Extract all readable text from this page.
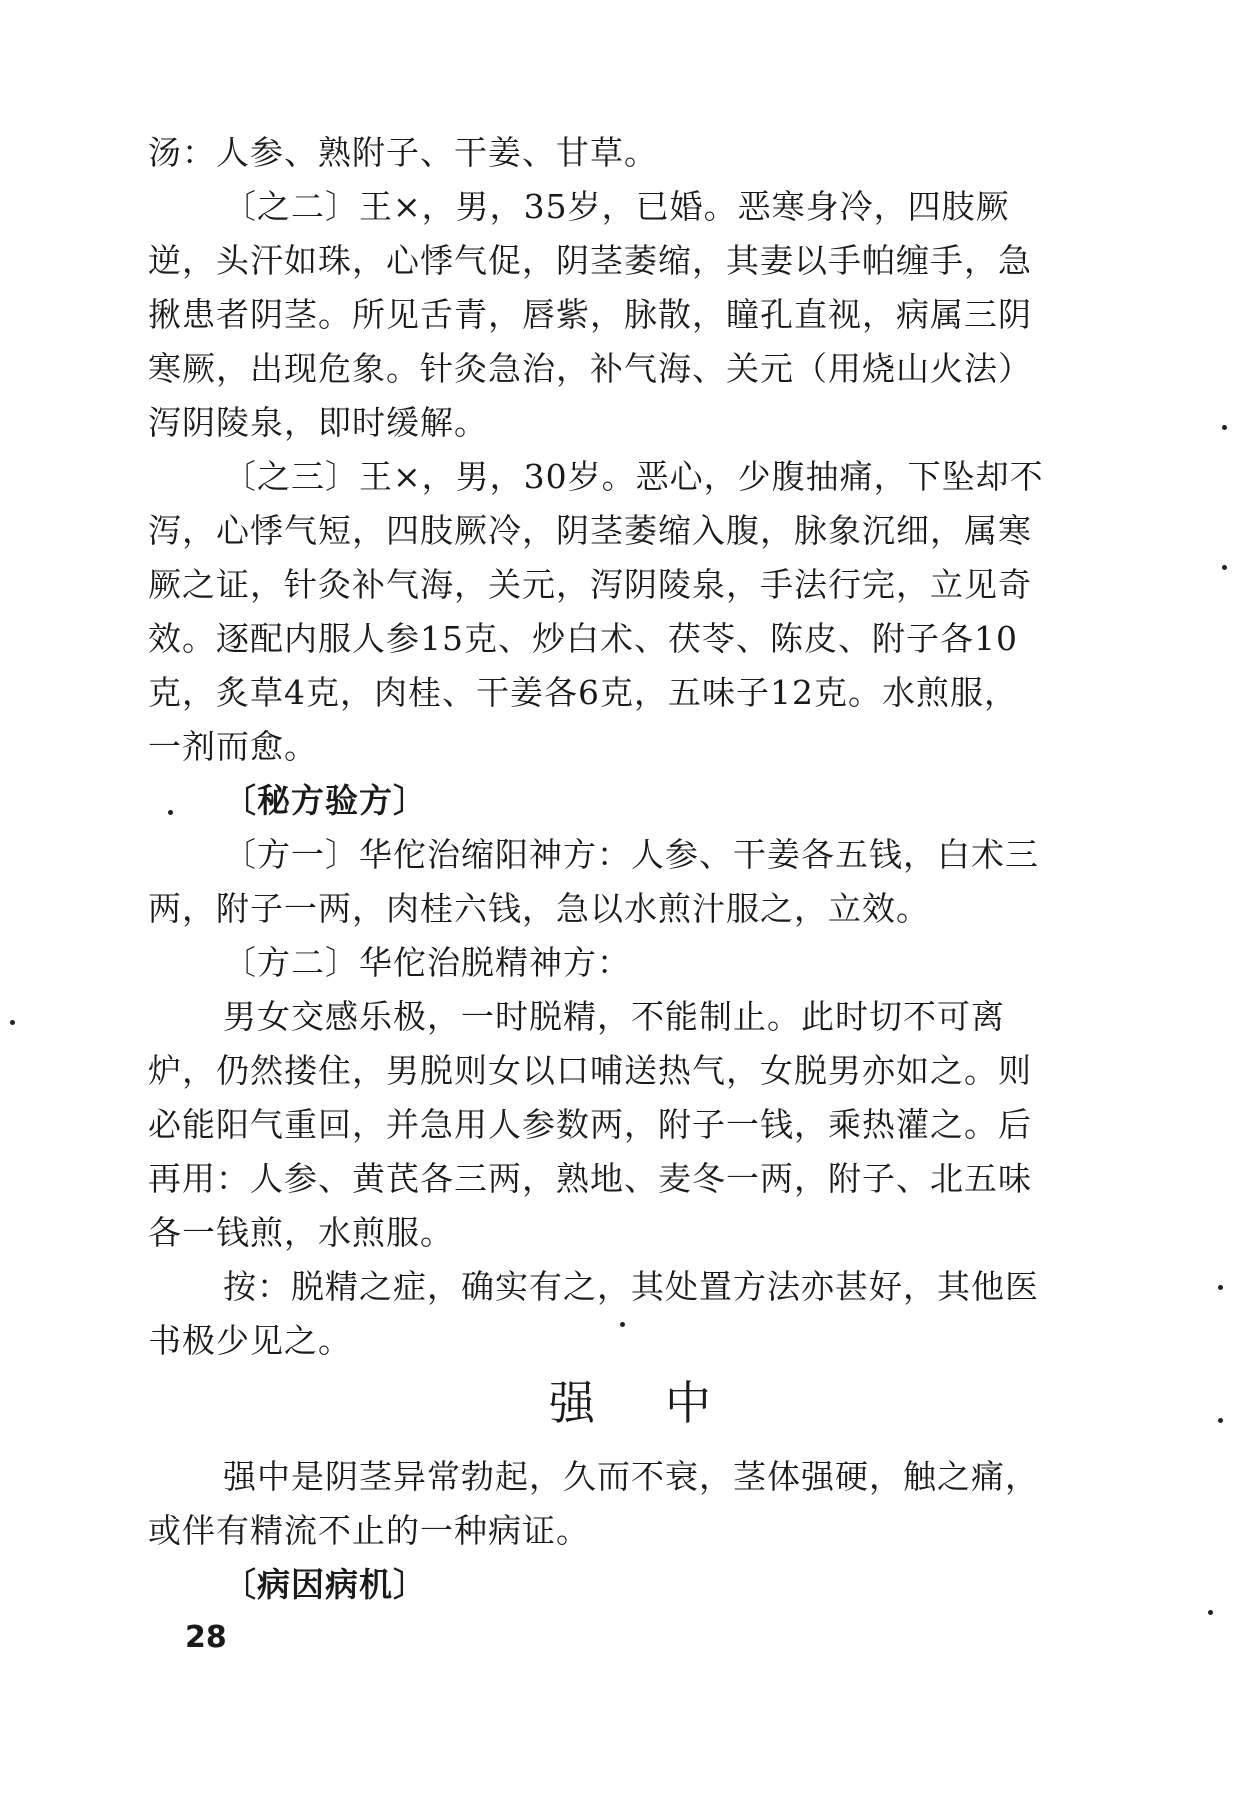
汤：人参、熟附子、干姜、甘草。
〔之二〕王×，男，35岁，已婚。恶寒身冷，四肢厥
逆，头汗如珠，心悸气促，阴茎萎缩，其妻以手帕缠手，急
揪患者阴茎。所见舌青，唇紫，脉散，瞳孔直视，病属三阴
寒厥，出现危象。针灸急治，补气海、关元（用烧山火法）
泻阴陵泉，即时缓解。
〔之三〕王×，男，30岁。恶心，少腹抽痛，下坠却不
泻，心悸气短，四肢厥冷，阴茎萎缩入腹，脉象沉细，属寒
厥之证，针灸补气海，关元，泻阴陵泉，手法行完，立见奇
效。逐配内服人参15克、炒白术、茯苓、陈皮、附子各10
克，炙草4克，肉桂、干姜各6克，五味子12克。水煎服，
一剂而愈。
〔秘方验方〕
〔方一〕华佗治缩阳神方：人参、干姜各五钱，白术三
两，附子一两，肉桂六钱，急以水煎汁服之，立效。
〔方二〕华佗治脱精神方：
男女交感乐极，一时脱精，不能制止。此时切不可离
炉，仍然搂住，男脱则女以口哺送热气，女脱男亦如之。则
必能阳气重回，并急用人参数两，附子一钱，乘热灌之。后
再用：人参、黄芪各三两，熟地、麦冬一两，附子、北五味
各一钱煎，水煎服。
按：脱精之症，确实有之，其处置方法亦甚好，其他医
书极少见之。
强中
强中是阴茎异常勃起，久而不衰，茎体强硬，触之痛，
或伴有精流不止的一种病证。
〔病因病机〕
28
